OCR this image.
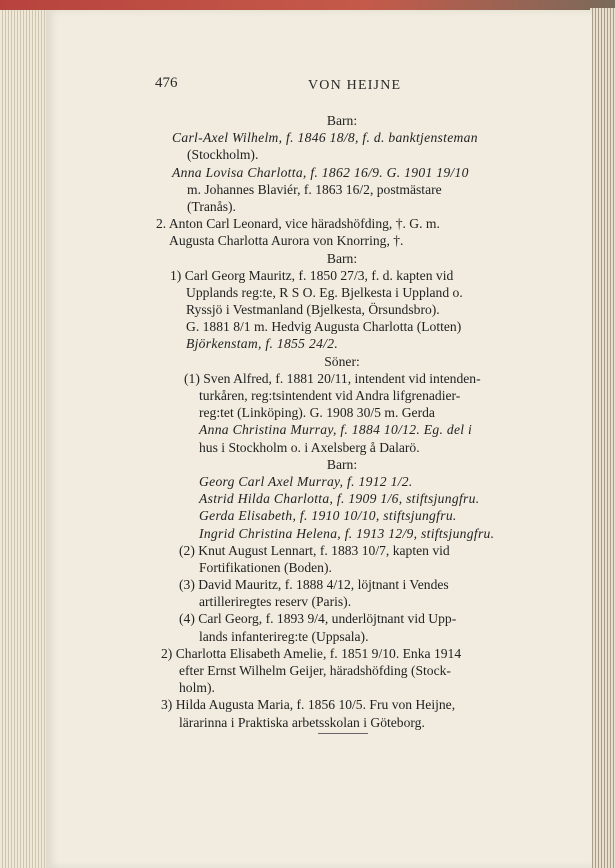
476	VON HEIJNE
Barn:
Carl-Axel Wilhelm, f. 1846 18/8, f. d. banktjensteman
(Stockholm).
Anna Lovisa Charlotta, f. 1862 16/9. G. 1901 19/10
m. Johannes Blaviér, f. 1863 16/2, postmästare
(Tranås).
2. Anton Carl Leonard, vice häradshöfding, †. G. m.
Augusta Charlotta Aurora von Knorring, †.
Barn:
1) Carl Georg Mauritz, f. 1850 27/3, f. d. kapten vid
Upplands reg:te, R S O. Eg. Bjelkesta i Uppland o.
Ryssjö i Vestmanland (Bjelkesta, Örsundsbro).
G. 1881 8/1 m. Hedvig Augusta Charlotta (Lotten)
Björkenstam, f. 1855 24/2.
Söner:
(1) Sven Alfred, f. 1881 20/11, intendent vid intenden-
turkåren, reg:tsintendent vid Andra lifgrenadier-
reg:tet (Linköping). G. 1908 30/5 m. Gerda
Anna Christina Murray, f. 1884 10/12. Eg. del i
hus i Stockholm o. i Axelsberg å Dalarö.
Barn:
Georg Carl Axel Murray, f. 1912 1/2.
Astrid Hilda Charlotta, f. 1909 1/6, stiftsjungfru.
Gerda Elisabeth, f. 1910 10/10, stiftsjungfru.
Ingrid Christina Helena, f. 1913 12/9, stiftsjungfru.
(2) Knut August Lennart, f. 1883 10/7, kapten vid
Fortifikationen (Boden).
(3) David Mauritz, f. 1888 4/12, löjtnant i Vendes
artilleriregtes reserv (Paris).
(4) Carl Georg, f. 1893 9/4, underlöjtnant vid Upp-
lands infanterireg:te (Uppsala).
2) Charlotta Elisabeth Amelie, f. 1851 9/10. Enka 1914
efter Ernst Wilhelm Geijer, häradshöfding (Stock-
holm).
3) Hilda Augusta Maria, f. 1856 10/5. Fru von Heijne,
lärarinna i Praktiska arbetsskolan i Göteborg.
